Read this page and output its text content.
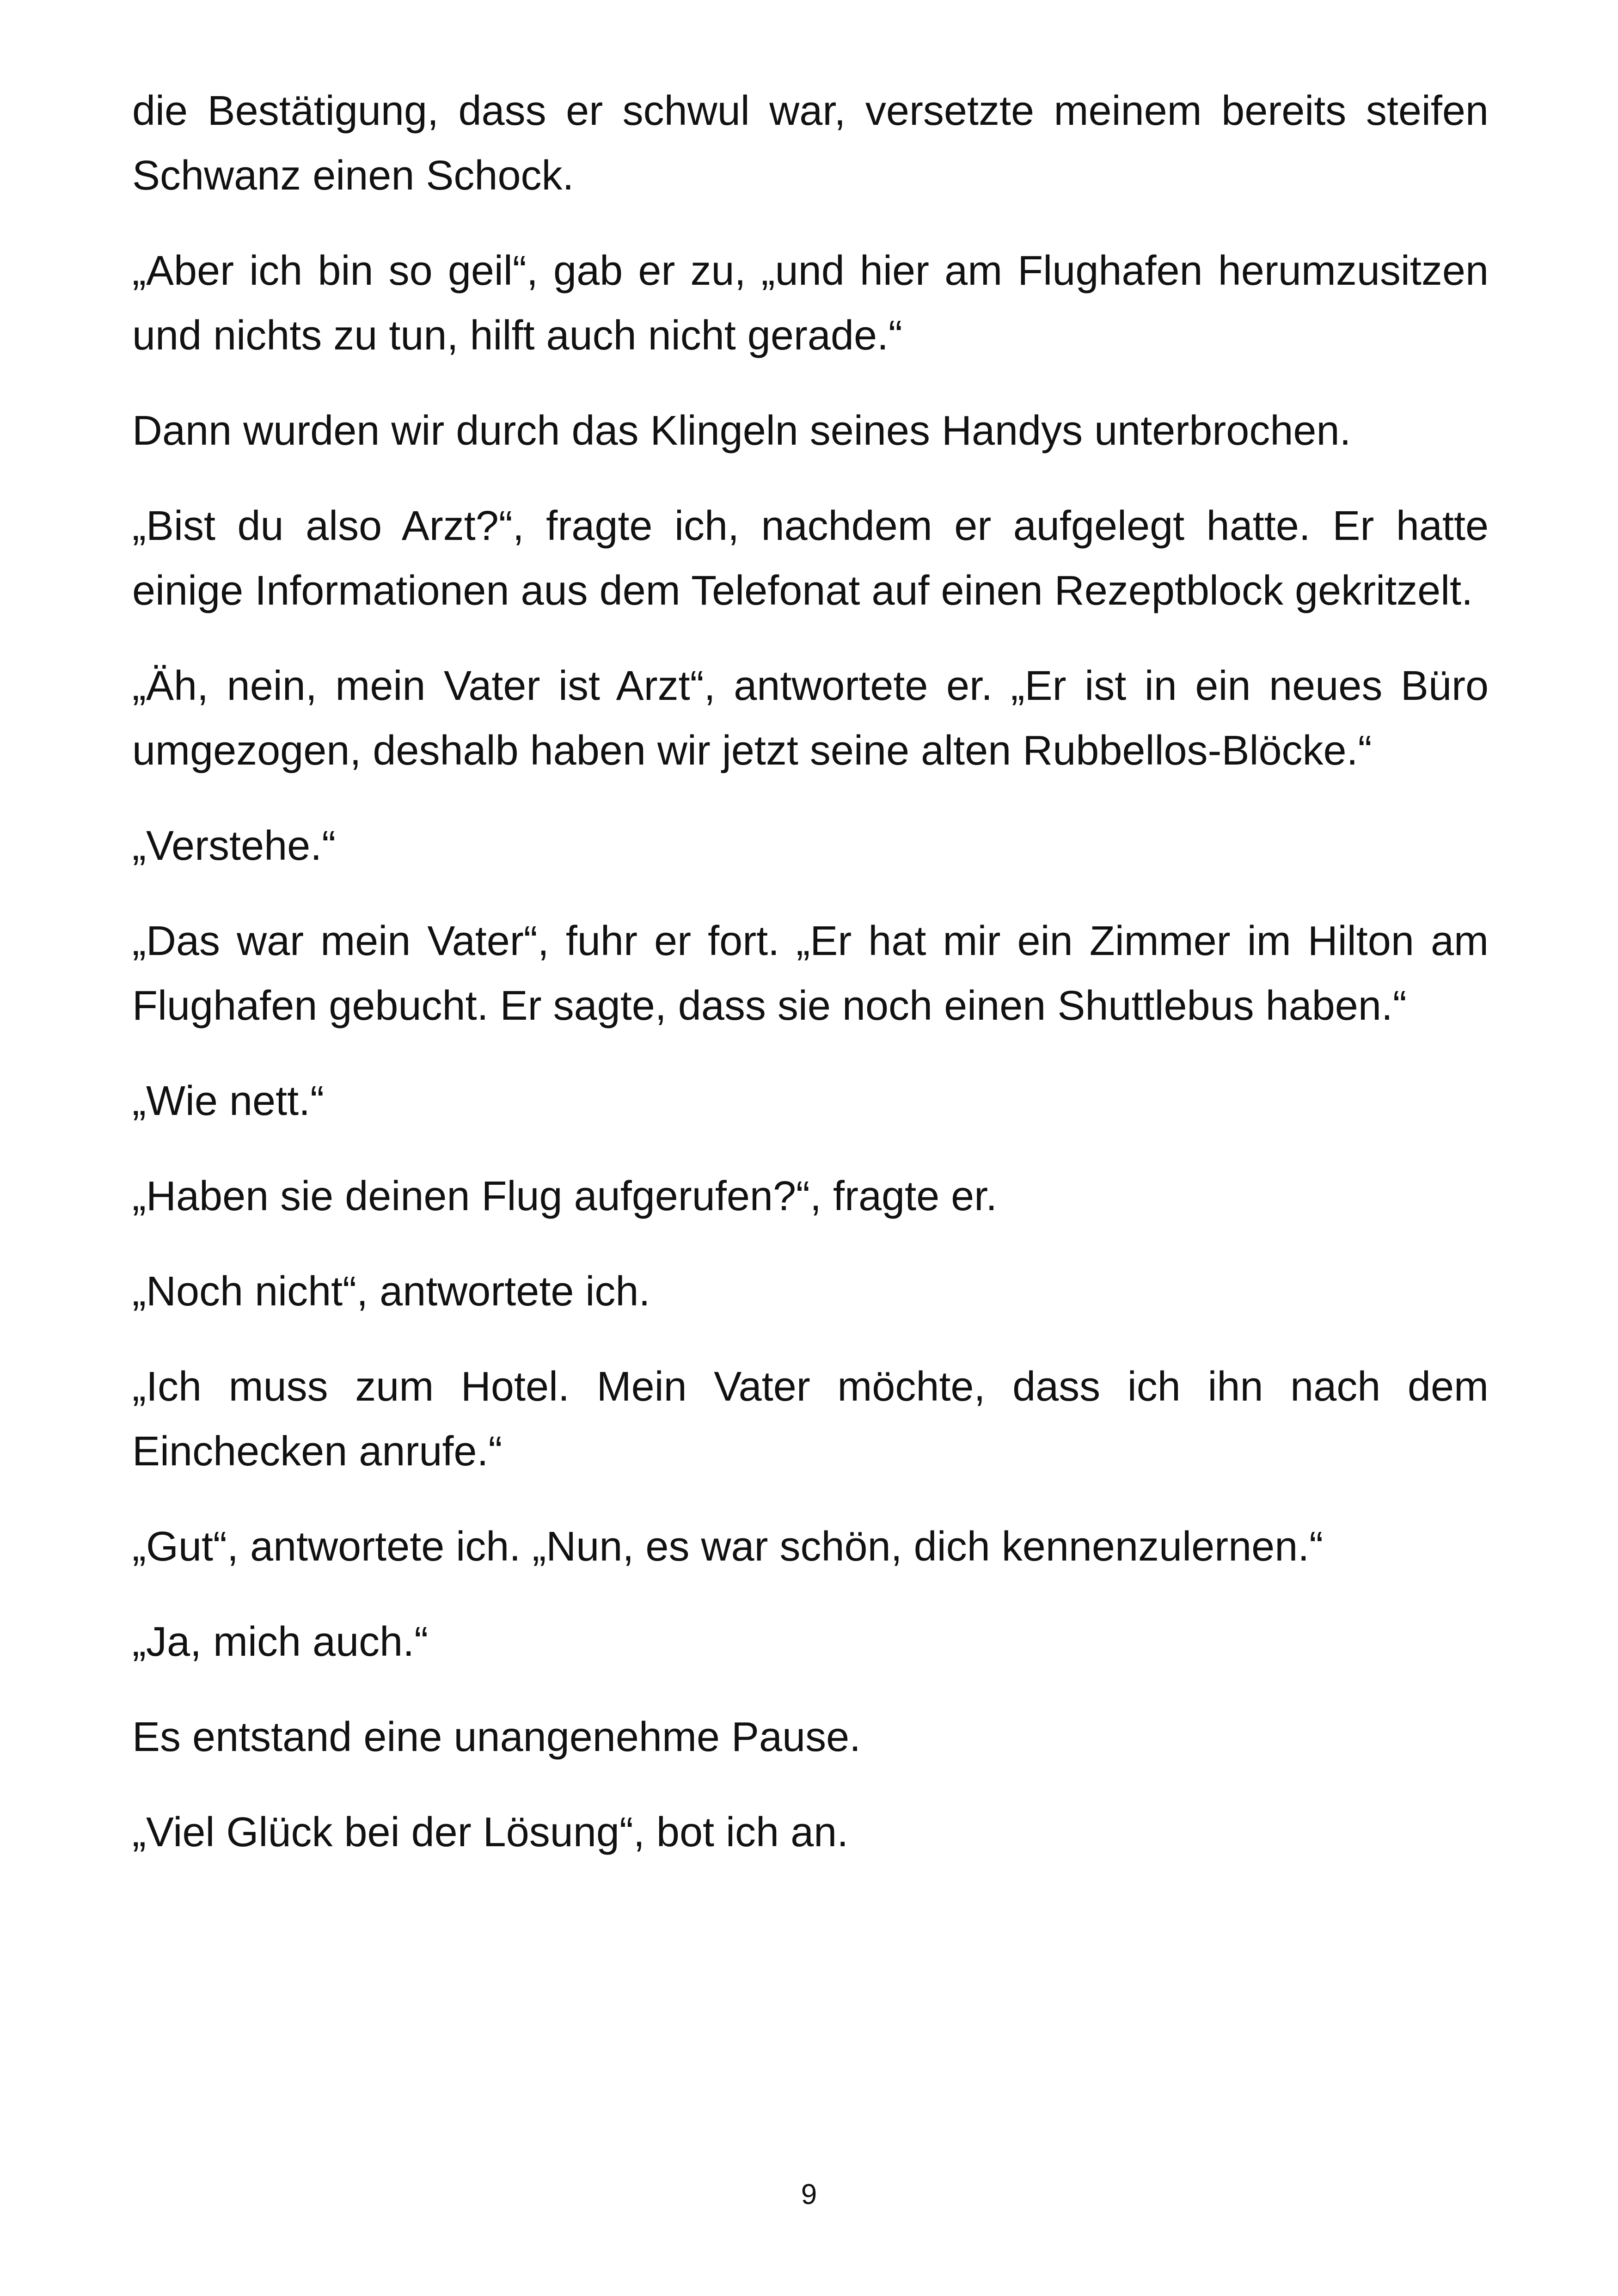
die Bestätigung, dass er schwul war, versetzte meinem bereits steifen Schwanz einen Schock.

„Aber ich bin so geil“, gab er zu, „und hier am Flughafen herumzusitzen und nichts zu tun, hilft auch nicht gerade.“

Dann wurden wir durch das Klingeln seines Handys unterbrochen.

„Bist du also Arzt?“, fragte ich, nachdem er aufgelegt hatte. Er hatte einige Informationen aus dem Telefonat auf einen Rezeptblock gekritzelt.

„Äh, nein, mein Vater ist Arzt“, antwortete er. „Er ist in ein neues Büro umgezogen, deshalb haben wir jetzt seine alten Rubbellos-Blöcke.“

„Verstehe.“

„Das war mein Vater“, fuhr er fort. „Er hat mir ein Zimmer im Hilton am Flughafen gebucht. Er sagte, dass sie noch einen Shuttlebus haben.“

„Wie nett.“

„Haben sie deinen Flug aufgerufen?“, fragte er.

„Noch nicht“, antwortete ich.

„Ich muss zum Hotel. Mein Vater möchte, dass ich ihn nach dem Einchecken anrufe.“

„Gut“, antwortete ich. „Nun, es war schön, dich kennenzulernen.“

„Ja, mich auch.“

Es entstand eine unangenehme Pause.

„Viel Glück bei der Lösung“, bot ich an.

9
